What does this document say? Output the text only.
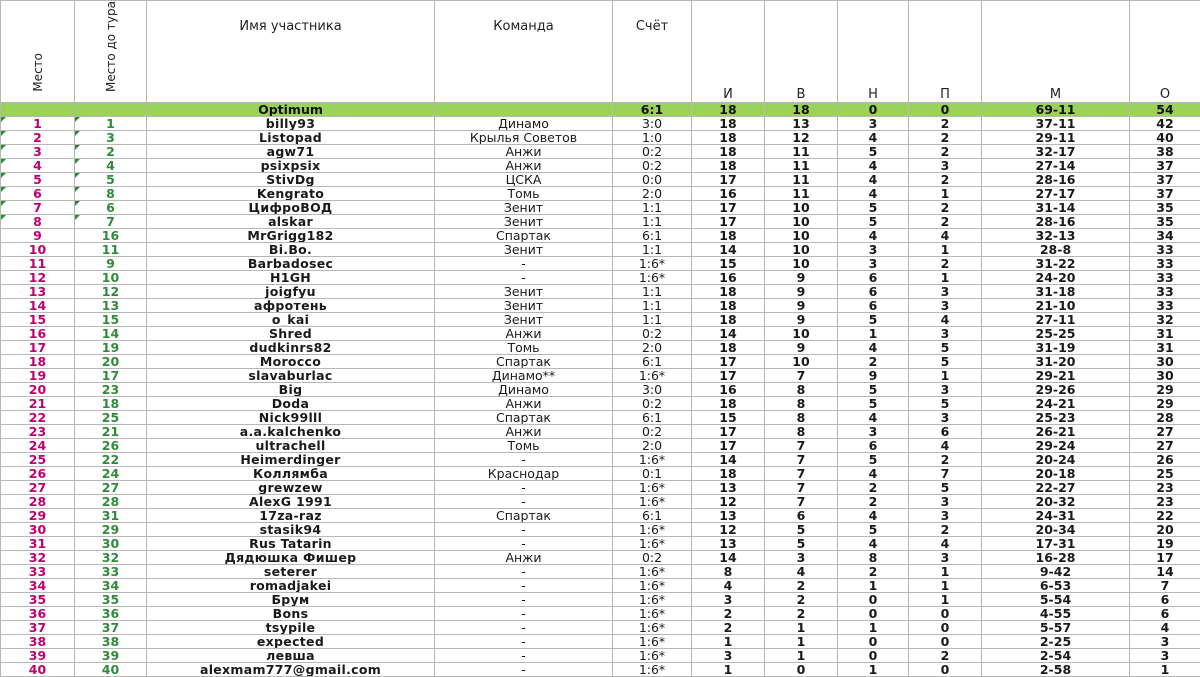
Место	Место до тура	Имя участника	Команда	Счёт	И	В	Н	П	М	О
		Optimum		6:1	18	18	0	0	69-11	54
1	1	billy93	Динамо	3:0	18	13	3	2	37-11	42
2	3	Listopad	Крылья Советов	1:0	18	12	4	2	29-11	40
3	2	agw71	Анжи	0:2	18	11	5	2	32-17	38
4	4	psixpsix	Анжи	0:2	18	11	4	3	27-14	37
5	5	StivDg	ЦСКА	0:0	17	11	4	2	28-16	37
6	8	Kengrato	Томь	2:0	16	11	4	1	27-17	37
7	6	ЦифроВОД	Зенит	1:1	17	10	5	2	31-14	35
8	7	alskar	Зенит	1:1	17	10	5	2	28-16	35
9	16	MrGrigg182	Спартак	6:1	18	10	4	4	32-13	34
10	11	Bi.Bo.	Зенит	1:1	14	10	3	1	28-8	33
11	9	Barbadosec	-	1:6*	15	10	3	2	31-22	33
12	10	H1GH	-	1:6*	16	9	6	1	24-20	33
13	12	joigfyu	Зенит	1:1	18	9	6	3	31-18	33
14	13	афротень	Зенит	1:1	18	9	6	3	21-10	33
15	15	o_kai	Зенит	1:1	18	9	5	4	27-11	32
16	14	Shred	Анжи	0:2	14	10	1	3	25-25	31
17	19	dudkinrs82	Томь	2:0	18	9	4	5	31-19	31
18	20	Morocco	Спартак	6:1	17	10	2	5	31-20	30
19	17	slavaburlac	Динамо**	1:6*	17	7	9	1	29-21	30
20	23	Big	Динамо	3:0	16	8	5	3	29-26	29
21	18	Doda	Анжи	0:2	18	8	5	5	24-21	29
22	25	Nick99lll	Спартак	6:1	15	8	4	3	25-23	28
23	21	a.a.kalchenko	Анжи	0:2	17	8	3	6	26-21	27
24	26	ultrachell	Томь	2:0	17	7	6	4	29-24	27
25	22	Heimerdinger	-	1:6*	14	7	5	2	20-24	26
26	24	Коллямба	Краснодар	0:1	18	7	4	7	20-18	25
27	27	grewzew	-	1:6*	13	7	2	5	22-27	23
28	28	AlexG 1991	-	1:6*	12	7	2	3	20-32	23
29	31	17za-raz	Спартак	6:1	13	6	4	3	24-31	22
30	29	stasik94	-	1:6*	12	5	5	2	20-34	20
31	30	Rus Tatarin	-	1:6*	13	5	4	4	17-31	19
32	32	Дядюшка Фишер	Анжи	0:2	14	3	8	3	16-28	17
33	33	seterer	-	1:6*	8	4	2	1	9-42	14
34	34	romadjakei	-	1:6*	4	2	1	1	6-53	7
35	35	Брум	-	1:6*	3	2	0	1	5-54	6
36	36	Bons	-	1:6*	2	2	0	0	4-55	6
37	37	tsypile	-	1:6*	2	1	1	0	5-57	4
38	38	expected	-	1:6*	1	1	0	0	2-25	3
39	39	левша	-	1:6*	3	1	0	2	2-54	3
40	40	alexmam777@gmail.com	-	1:6*	1	0	1	0	2-58	1
